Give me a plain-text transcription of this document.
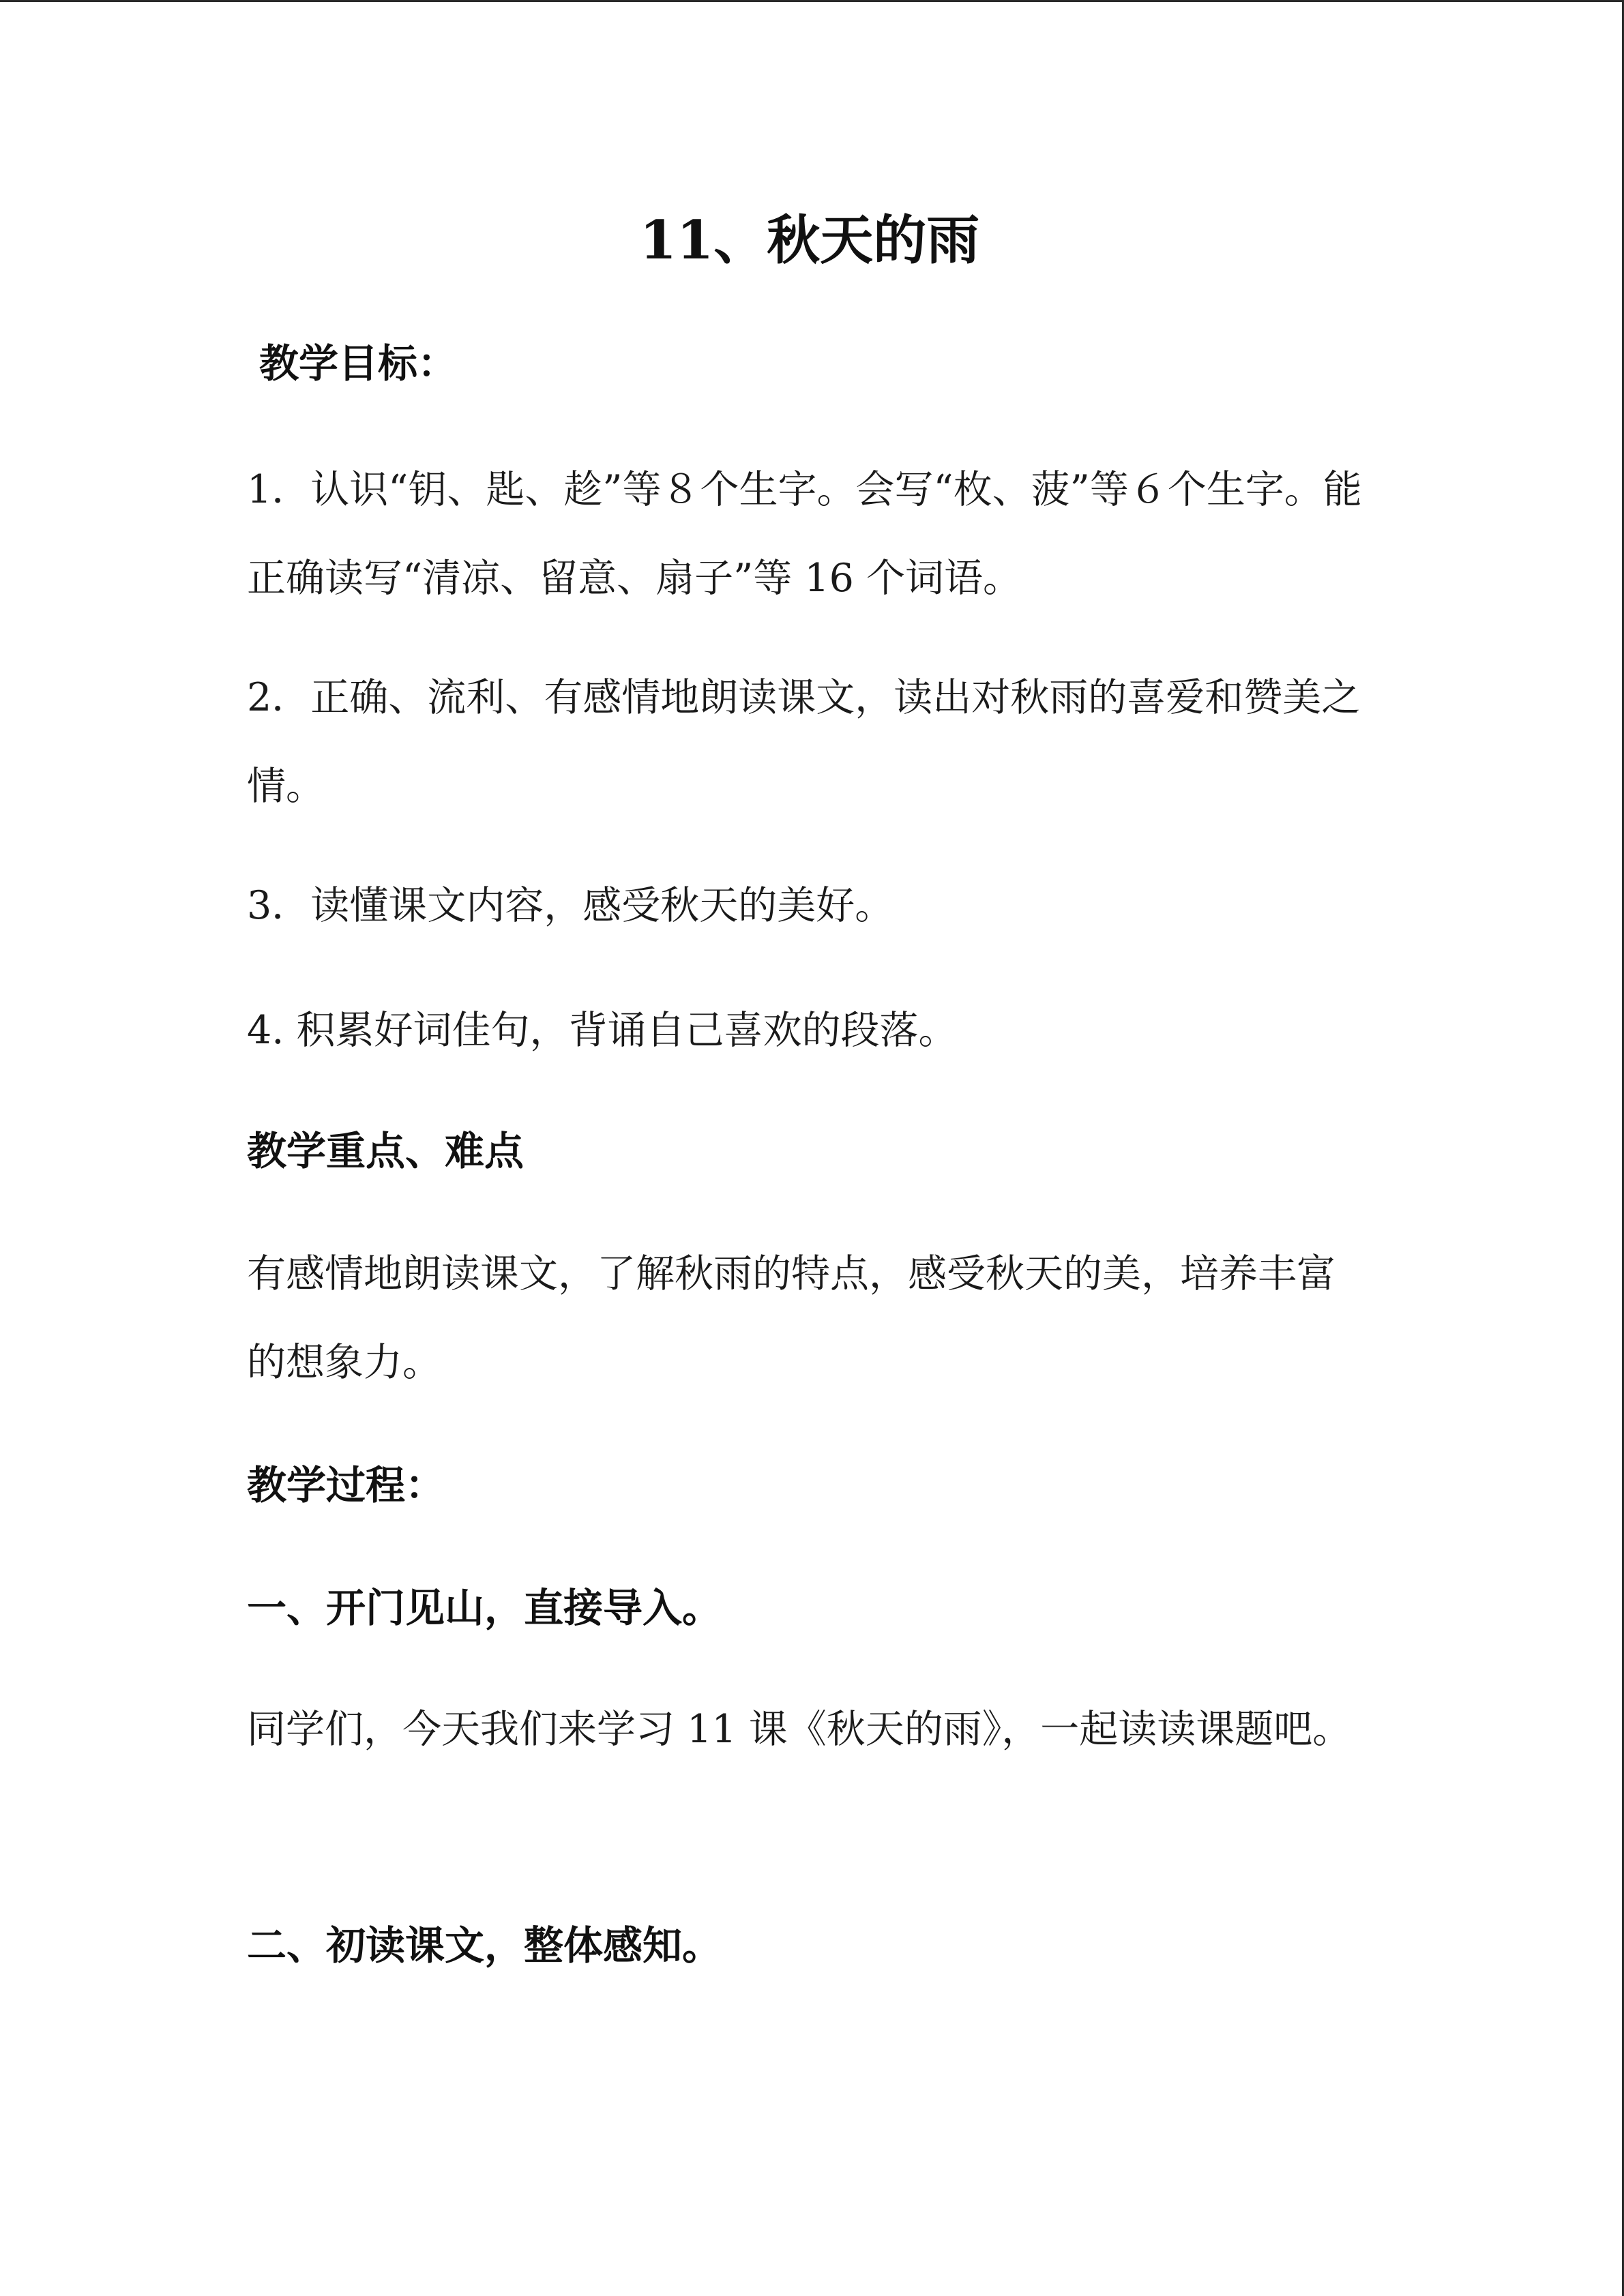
11、秋天的雨

教学目标：

1．认识“钥、匙、趁”等８个生字。会写“枚、菠”等６个生字。能正确读写“清凉、留意、扇子”等 16 个词语。

2．正确、流利、有感情地朗读课文，读出对秋雨的喜爱和赞美之情。

3．读懂课文内容，感受秋天的美好。

4. 积累好词佳句，背诵自己喜欢的段落。

教学重点、难点

有感情地朗读课文，了解秋雨的特点，感受秋天的美，培养丰富的想象力。

教学过程：

一、开门见山，直接导入。

同学们，今天我们来学习 11 课《秋天的雨》，一起读读课题吧。

二、初读课文，整体感知。
